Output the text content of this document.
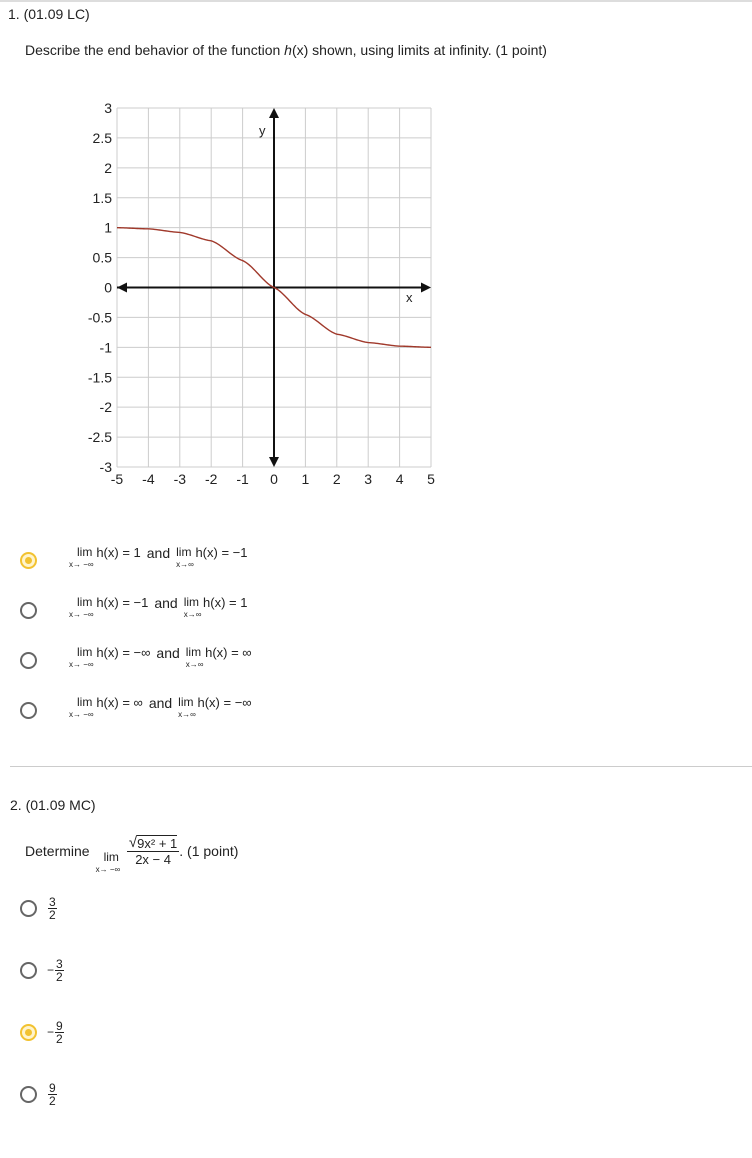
1. (01.09 LC)
Describe the end behavior of the function h(x) shown, using limits at infinity. (1 point)
3
2.5
2
1.5
1
0.5
0
-0.5
-1
-1.5
-2
-2.5
-3
-5 -4 -3 -2 -1 0 1 2 3 4 5
x
y
lim
x→ −∞
h(x) = 1 and lim
x→∞
h(x) = −1
lim
x→ −∞
h(x) = −1 and lim
x→∞
h(x) = 1
lim
x→ −∞
h(x) = −∞ and lim
x→∞
h(x) = ∞
lim
x→ −∞
h(x) = ∞ and lim
x→∞
h(x) = −∞
2. (01.09 MC)
Determine lim
x→ −∞
$\frac{\text{√ 9x² + 1}}{2x - 4}$ . (1 point)
$\frac{3}{2}$
− $\frac{3}{2}$
− $\frac{9}{2}$
$\frac{9}{2}$
